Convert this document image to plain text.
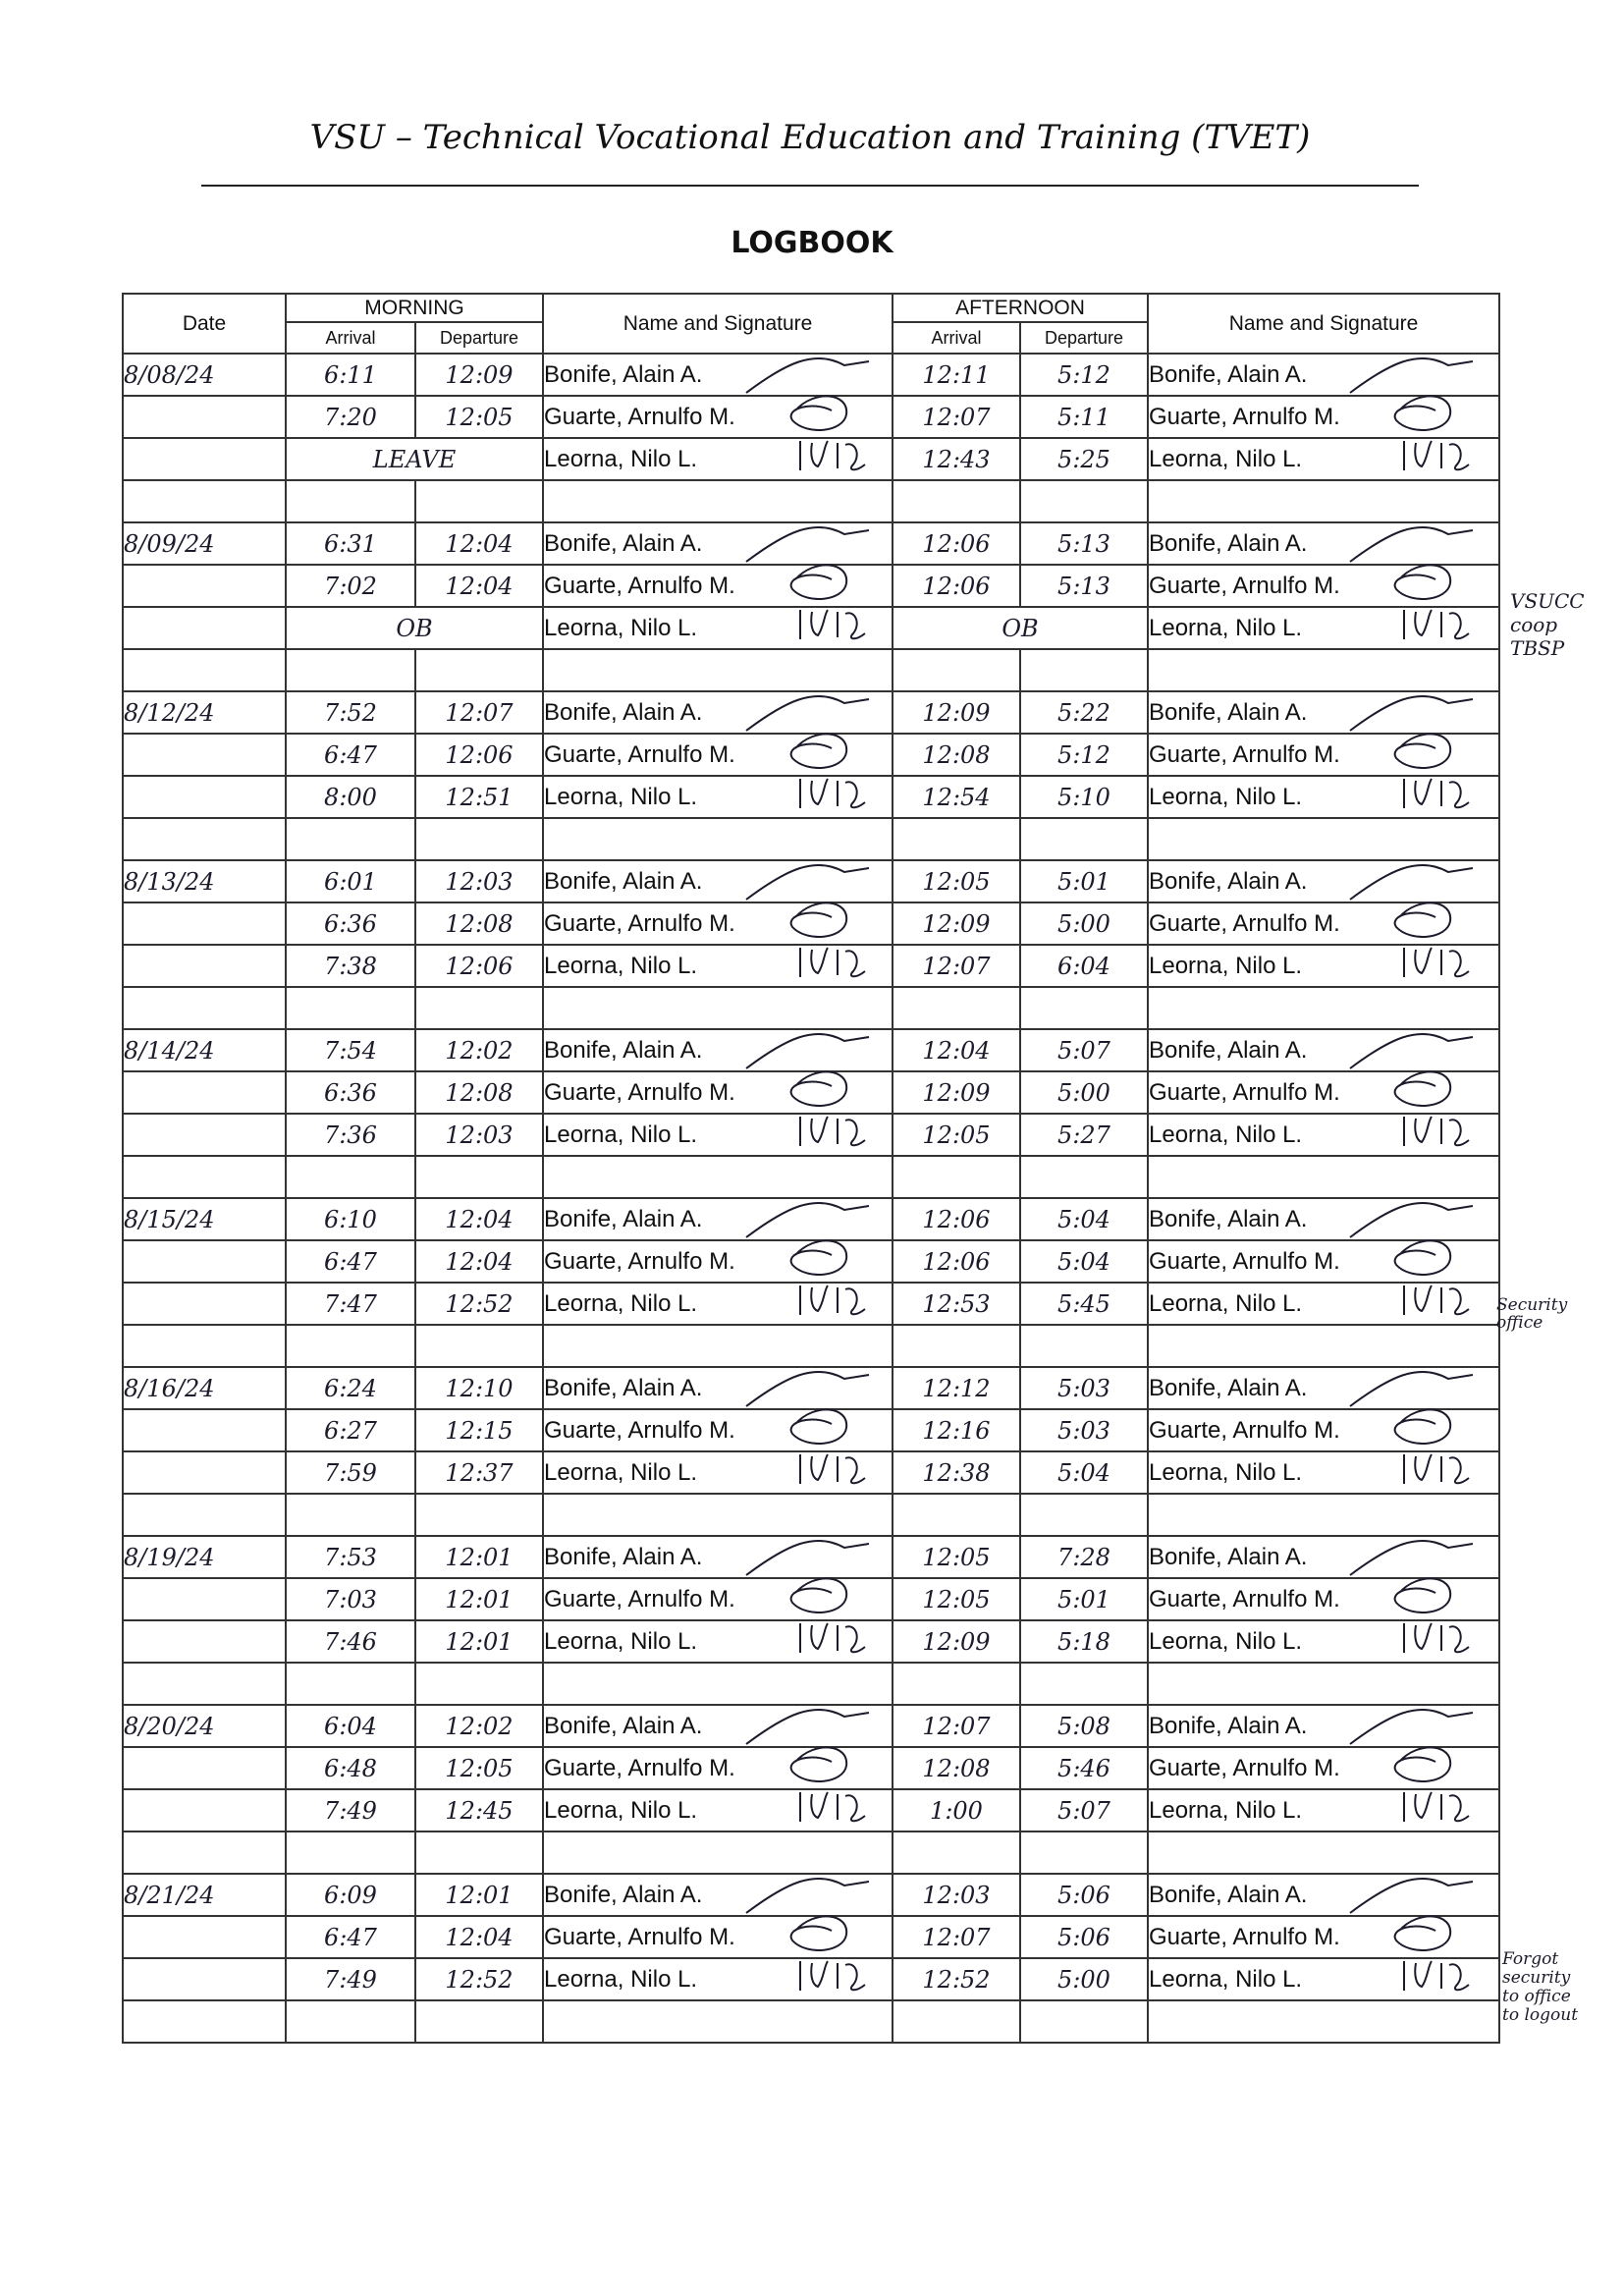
VSU – Technical Vocational Education and Training (TVET)
LOGBOOK
Date	MORNING		Name and Signature	AFTERNOON		Name and Signature
	Arrival	Departure		Arrival	Departure	
8/08/24	6:11	12:09	Bonife, Alain A.	12:11	5:12	Bonife, Alain A.
	7:20	12:05	Guarte, Arnulfo M.	12:07	5:11	Guarte, Arnulfo M.
	LEAVE		Leorna, Nilo L.	12:43	5:25	Leorna, Nilo L.

8/09/24	6:31	12:04	Bonife, Alain A.	12:06	5:13	Bonife, Alain A.
	7:02	12:04	Guarte, Arnulfo M.	12:06	5:13	Guarte, Arnulfo M.
	OB		Leorna, Nilo L.	OB		Leorna, Nilo L.

8/12/24	7:52	12:07	Bonife, Alain A.	12:09	5:22	Bonife, Alain A.
	6:47	12:06	Guarte, Arnulfo M.	12:08	5:12	Guarte, Arnulfo M.
	8:00	12:51	Leorna, Nilo L.	12:54	5:10	Leorna, Nilo L.

8/13/24	6:01	12:03	Bonife, Alain A.	12:05	5:01	Bonife, Alain A.
	6:36	12:08	Guarte, Arnulfo M.	12:09	5:00	Guarte, Arnulfo M.
	7:38	12:06	Leorna, Nilo L.	12:07	6:04	Leorna, Nilo L.

8/14/24	7:54	12:02	Bonife, Alain A.	12:04	5:07	Bonife, Alain A.
	6:36	12:08	Guarte, Arnulfo M.	12:09	5:00	Guarte, Arnulfo M.
	7:36	12:03	Leorna, Nilo L.	12:05	5:27	Leorna, Nilo L.

8/15/24	6:10	12:04	Bonife, Alain A.	12:06	5:04	Bonife, Alain A.
	6:47	12:04	Guarte, Arnulfo M.	12:06	5:04	Guarte, Arnulfo M.
	7:47	12:52	Leorna, Nilo L.	12:53	5:45	Leorna, Nilo L.

8/16/24	6:24	12:10	Bonife, Alain A.	12:12	5:03	Bonife, Alain A.
	6:27	12:15	Guarte, Arnulfo M.	12:16	5:03	Guarte, Arnulfo M.
	7:59	12:37	Leorna, Nilo L.	12:38	5:04	Leorna, Nilo L.

8/19/24	7:53	12:01	Bonife, Alain A.	12:05	7:28	Bonife, Alain A.
	7:03	12:01	Guarte, Arnulfo M.	12:05	5:01	Guarte, Arnulfo M.
	7:46	12:01	Leorna, Nilo L.	12:09	5:18	Leorna, Nilo L.

8/20/24	6:04	12:02	Bonife, Alain A.	12:07	5:08	Bonife, Alain A.
	6:48	12:05	Guarte, Arnulfo M.	12:08	5:46	Guarte, Arnulfo M.
	7:49	12:45	Leorna, Nilo L.	1:00	5:07	Leorna, Nilo L.

8/21/24	6:09	12:01	Bonife, Alain A.	12:03	5:06	Bonife, Alain A.
	6:47	12:04	Guarte, Arnulfo M.	12:07	5:06	Guarte, Arnulfo M.
	7:49	12:52	Leorna, Nilo L.	12:52	5:00	Leorna, Nilo L.

VSUCC
coop
TBSP
Security
office
Forgot
security
to office
to logout
